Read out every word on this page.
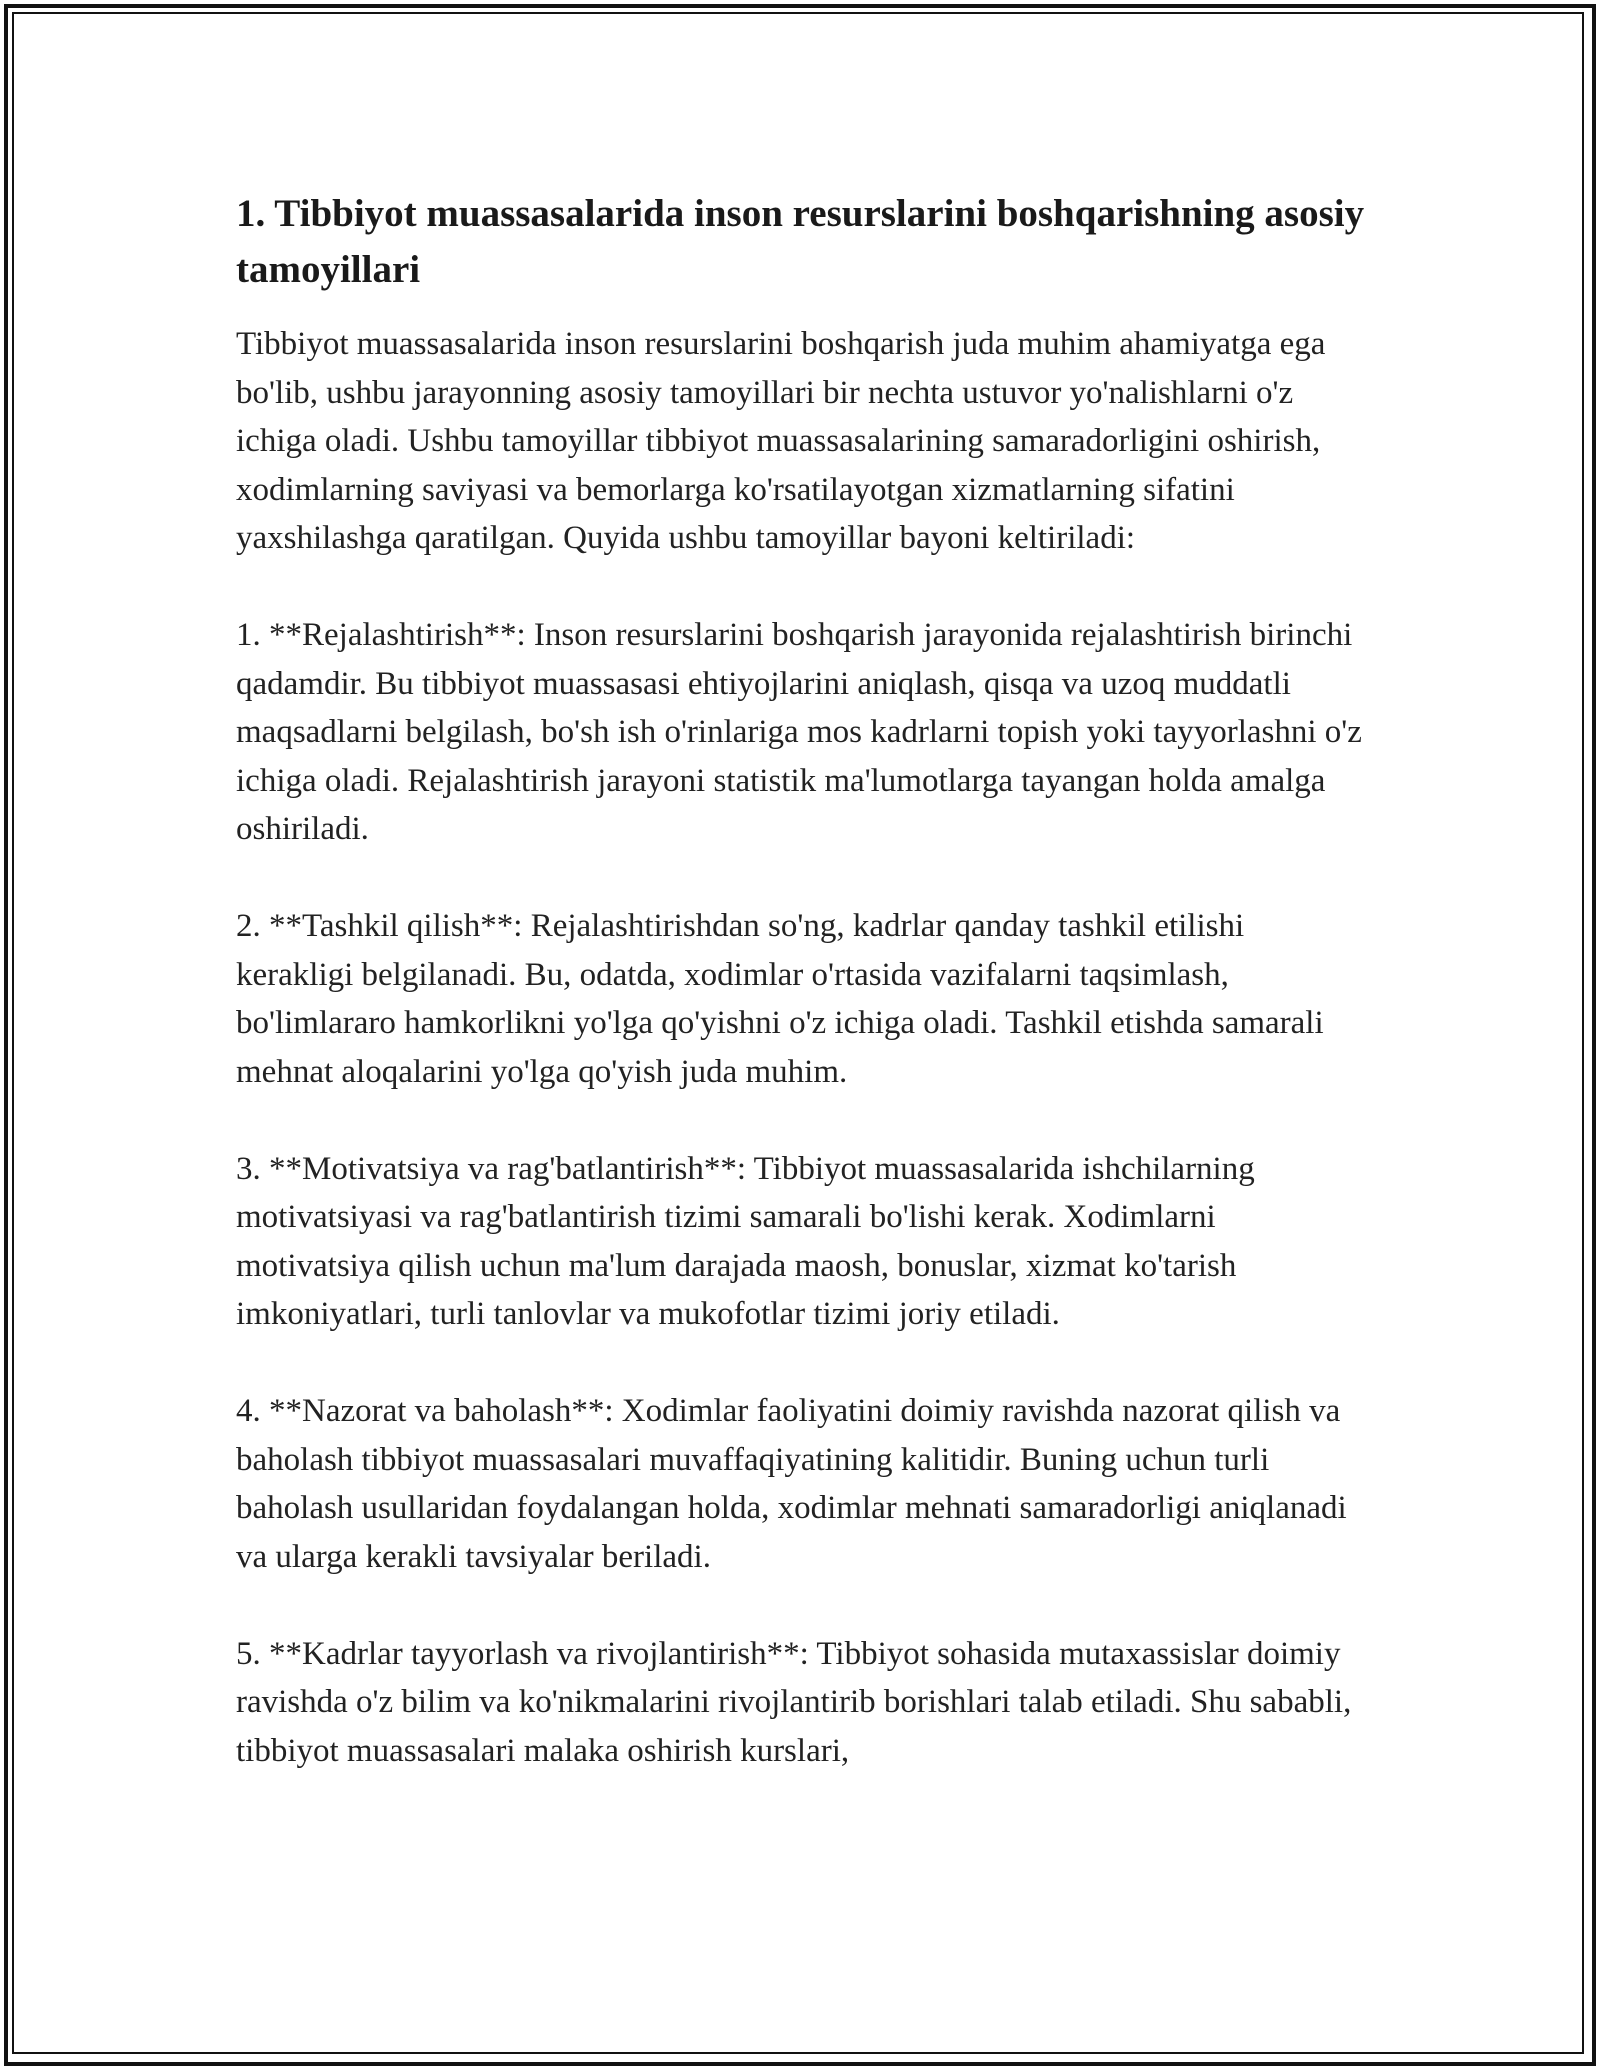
1. Tibbiyot muassasalarida inson resurslarini boshqarishning asosiy tamoyillari

Tibbiyot muassasalarida inson resurslarini boshqarish juda muhim ahamiyatga ega bo'lib, ushbu jarayonning asosiy tamoyillari bir nechta ustuvor yo'nalishlarni o'z ichiga oladi. Ushbu tamoyillar tibbiyot muassasalarining samaradorligini oshirish, xodimlarning saviyasi va bemorlarga ko'rsatilayotgan xizmatlarning sifatini yaxshilashga qaratilgan. Quyida ushbu tamoyillar bayoni keltiriladi:

1. **Rejalashtirish**: Inson resurslarini boshqarish jarayonida rejalashtirish birinchi qadamdir. Bu tibbiyot muassasasi ehtiyojlarini aniqlash, qisqa va uzoq muddatli maqsadlarni belgilash, bo'sh ish o'rinlariga mos kadrlarni topish yoki tayyorlashni o'z ichiga oladi. Rejalashtirish jarayoni statistik ma'lumotlarga tayangan holda amalga oshiriladi.

2. **Tashkil qilish**: Rejalashtirishdan so'ng, kadrlar qanday tashkil etilishi kerakligi belgilanadi. Bu, odatda, xodimlar o'rtasida vazifalarni taqsimlash, bo'limlararo hamkorlikni yo'lga qo'yishni o'z ichiga oladi. Tashkil etishda samarali mehnat aloqalarini yo'lga qo'yish juda muhim.

3. **Motivatsiya va rag'batlantirish**: Tibbiyot muassasalarida ishchilarning motivatsiyasi va rag'batlantirish tizimi samarali bo'lishi kerak. Xodimlarni motivatsiya qilish uchun ma'lum darajada maosh, bonuslar, xizmat ko'tarish imkoniyatlari, turli tanlovlar va mukofotlar tizimi joriy etiladi.

4. **Nazorat va baholash**: Xodimlar faoliyatini doimiy ravishda nazorat qilish va baholash tibbiyot muassasalari muvaffaqiyatining kalitidir. Buning uchun turli baholash usullaridan foydalangan holda, xodimlar mehnati samaradorligi aniqlanadi va ularga kerakli tavsiyalar beriladi.

5. **Kadrlar tayyorlash va rivojlantirish**: Tibbiyot sohasida mutaxassislar doimiy ravishda o'z bilim va ko'nikmalarini rivojlantirib borishlari talab etiladi. Shu sababli, tibbiyot muassasalari malaka oshirish kurslari,
